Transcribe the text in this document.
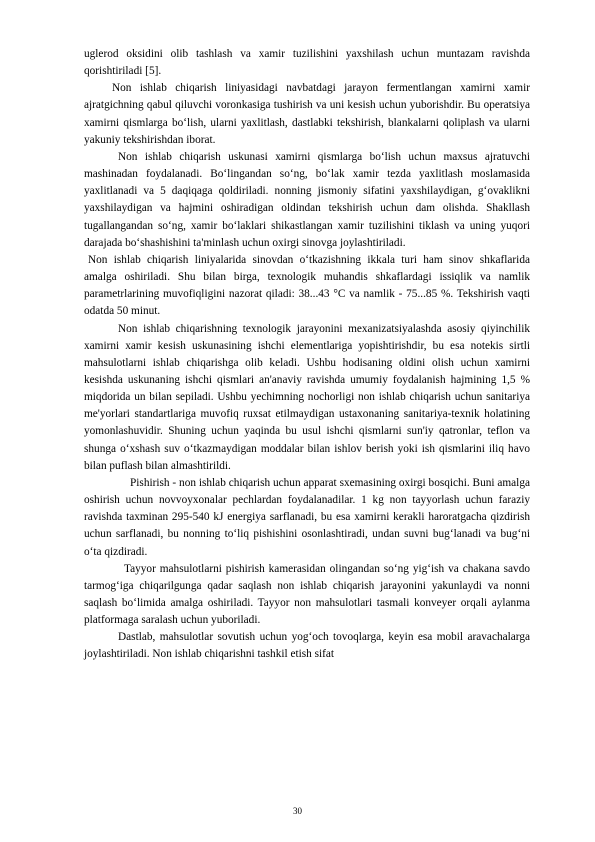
uglerod oksidini olib tashlash va xamir tuzilishini yaxshilash uchun muntazam ravishda qorishtiriladi [5].

Non ishlab chiqarish liniyasidagi navbatdagi jarayon fermentlangan xamirni xamir ajratgichning qabul qiluvchi voronkasiga tushirish va uni kesish uchun yuborishdir. Bu operatsiya xamirni qismlarga bo‘lish, ularni yaxlitlash, dastlabki tekshirish, blankalarni qoliplash va ularni yakuniy tekshirishdan iborat.

Non ishlab chiqarish uskunasi xamirni qismlarga bo‘lish uchun maxsus ajratuvchi mashinadan foydalanadi. Bo‘lingandan so‘ng, bo‘lak xamir tezda yaxlitlash moslamasida yaxlitlanadi va 5 daqiqaga qoldiriladi. nonning jismoniy sifatini yaxshilaydigan, g‘ovaklikni yaxshilaydigan va hajmini oshiradigan oldindan tekshirish uchun dam olishda. Shakllash tugallangandan so‘ng, xamir bo‘laklari shikastlangan xamir tuzilishini tiklash va uning yuqori darajada bo‘shashishini ta'minlash uchun oxirgi sinovga joylashtiriladi.

Non ishlab chiqarish liniyalarida sinovdan o‘tkazishning ikkala turi ham sinov shkaflarida amalga oshiriladi. Shu bilan birga, texnologik muhandis shkaflardagi issiqlik va namlik parametrlarining muvofiqligini nazorat qiladi: 38...43 °C va namlik - 75...85 %. Tekshirish vaqti odatda 50 minut.

Non ishlab chiqarishning texnologik jarayonini mexanizatsiyalashda asosiy qiyinchilik xamirni xamir kesish uskunasining ishchi elementlariga yopishtirishdir, bu esa notekis sirtli mahsulotlarni ishlab chiqarishga olib keladi. Ushbu hodisaning oldini olish uchun xamirni kesishda uskunaning ishchi qismlari an'anaviy ravishda umumiy foydalanish hajmining 1,5 % miqdorida un bilan sepiladi. Ushbu yechimning nochorligi non ishlab chiqarish uchun sanitariya me'yorlari standartlariga muvofiq ruxsat etilmaydigan ustaxonaning sanitariya-texnik holatining yomonlashuvidir. Shuning uchun yaqinda bu usul ishchi qismlarni sun'iy qatronlar, teflon va shunga o‘xshash suv o‘tkazmaydigan moddalar bilan ishlov berish yoki ish qismlarini iliq havo bilan puflash bilan almashtirildi.

Pishirish - non ishlab chiqarish uchun apparat sxemasining oxirgi bosqichi. Buni amalga oshirish uchun novvoyxonalar pechlardan foydalanadilar. 1 kg non tayyorlash uchun faraziy ravishda taxminan 295-540 kJ energiya sarflanadi, bu esa xamirni kerakli haroratgacha qizdirish uchun sarflanadi, bu nonning to‘liq pishishini osonlashtiradi, undan suvni bug‘lanadi va bug‘ni o‘ta qizdiradi.

Tayyor mahsulotlarni pishirish kamerasidan olingandan so‘ng yig‘ish va chakana savdo tarmog‘iga chiqarilgunga qadar saqlash non ishlab chiqarish jarayonini yakunlaydi va nonni saqlash bo‘limida amalga oshiriladi. Tayyor non mahsulotlari tasmali konveyer orqali aylanma platformaga saralash uchun yuboriladi.

Dastlab, mahsulotlar sovutish uchun yog‘och tovoqlarga, keyin esa mobil aravachalarga joylashtiriladi. Non ishlab chiqarishni tashkil etish sifat

30
